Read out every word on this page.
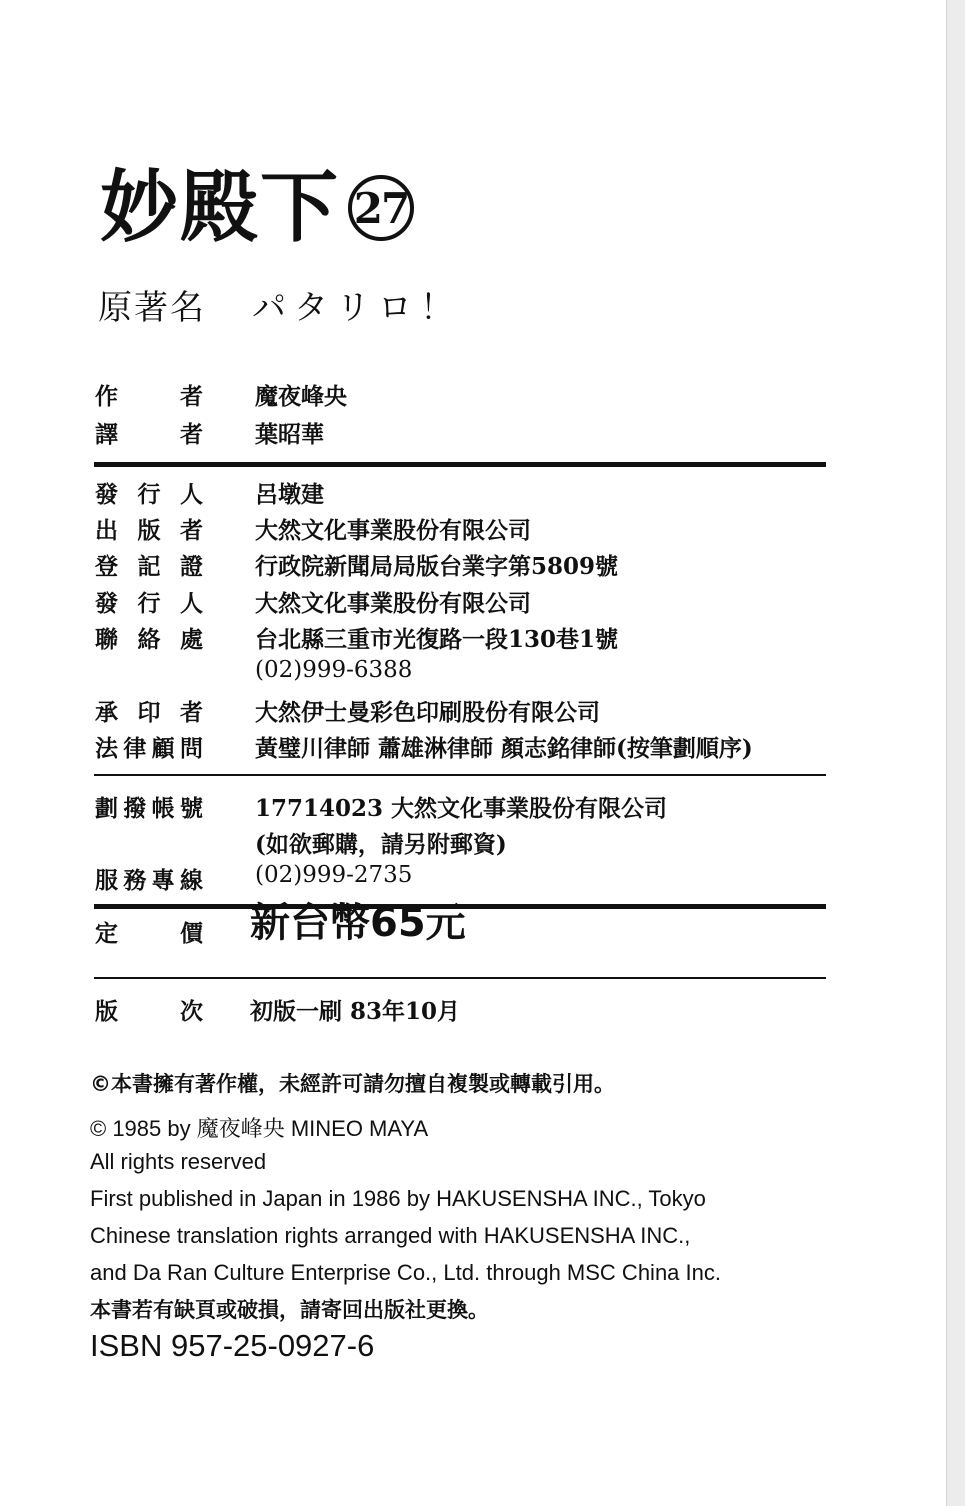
妙殿下 27
原著名 パタリロ！
作者 魔夜峰央
譯者 葉昭華
發行人 呂墩建
出版者 大然文化事業股份有限公司
登記證 行政院新聞局局版台業字第5809號
發行人 大然文化事業股份有限公司
聯絡處 台北縣三重市光復路一段130巷1號
(02)999-6388
承印者 大然伊士曼彩色印刷股份有限公司
法律顧問 黃璧川律師 蕭雄淋律師 顏志銘律師(按筆劃順序)
劃撥帳號 17714023 大然文化事業股份有限公司
(如欲郵購，請另附郵資)
服務專線 (02)999-2735
定價 新台幣65元
版次 初版一刷 83年10月
©本書擁有著作權，未經許可請勿擅自複製或轉載引用。
© 1985 by 魔夜峰央 MINEO MAYA
All rights reserved
First published in Japan in 1986 by HAKUSENSHA INC., Tokyo
Chinese translation rights arranged with HAKUSENSHA INC.,
and Da Ran Culture Enterprise Co., Ltd. through MSC China Inc.
本書若有缺頁或破損，請寄回出版社更換。
ISBN 957-25-0927-6
